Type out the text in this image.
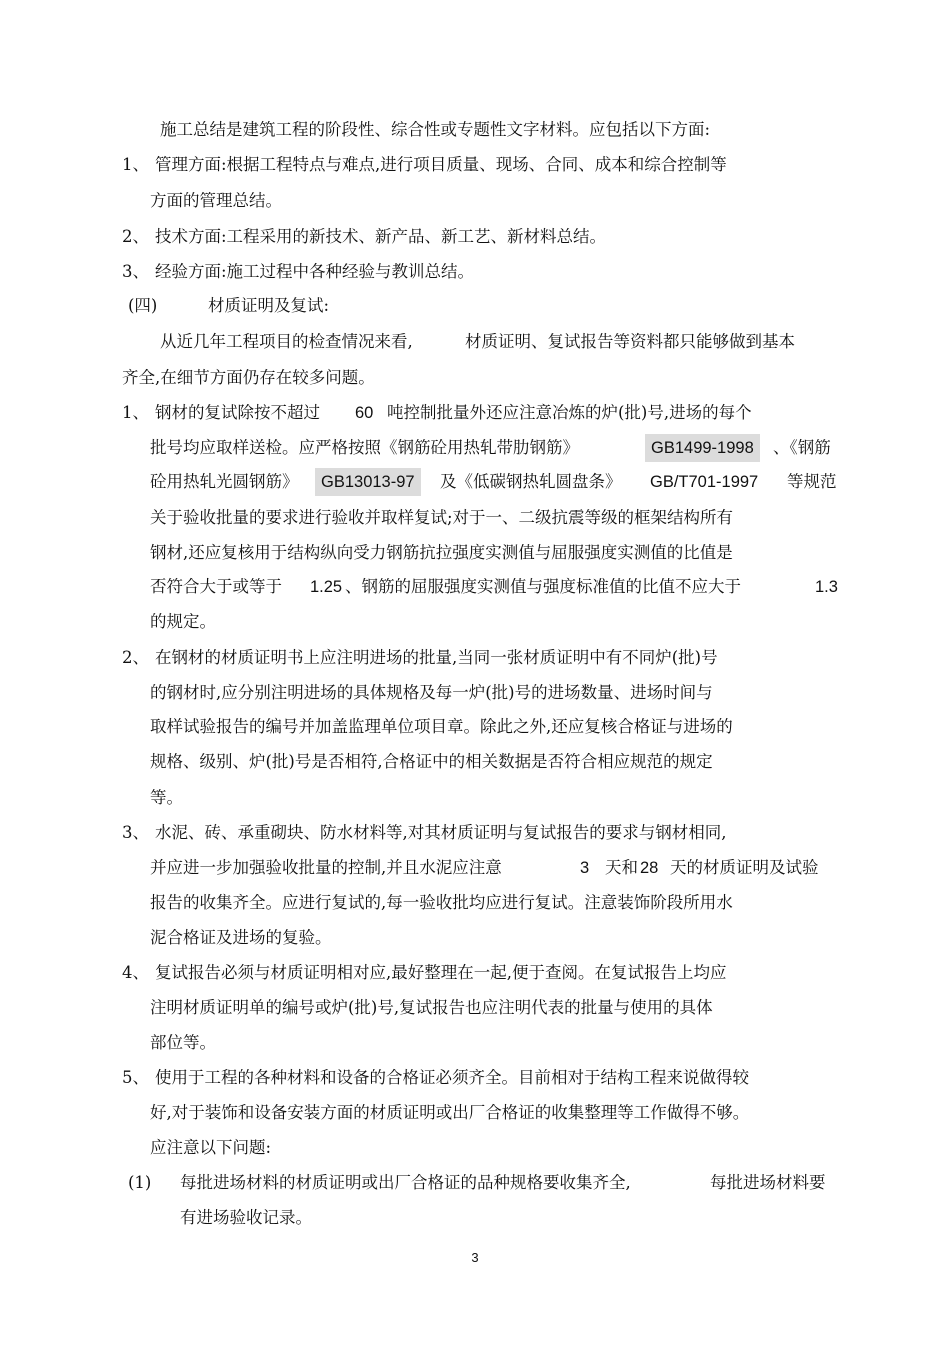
施工总结是建筑工程的阶段性、综合性或专题性文字材料。应包括以下方面:
1、 管理方面:根据工程特点与难点,进行项目质量、现场、合同、成本和综合控制等
方面的管理总结。
2、 技术方面:工程采用的新技术、新产品、新工艺、新材料总结。
3、 经验方面:施工过程中各种经验与教训总结。
(四)	材质证明及复试:
从近几年工程项目的检查情况来看,	材质证明、复试报告等资料都只能够做到基本
齐全,在细节方面仍存在较多问题。
1、 钢材的复试除按不超过 60 吨控制批量外还应注意冶炼的炉(批)号,进场的每个
批号均应取样送检。应严格按照《钢筋砼用热轧带肋钢筋》	GB1499-1998	、《钢筋
砼用热轧光圆钢筋》	GB13013-97	及《低碳钢热轧圆盘条》 GB/T701-1997 等规范
关于验收批量的要求进行验收并取样复试;对于一、二级抗震等级的框架结构所有
钢材,还应复核用于结构纵向受力钢筋抗拉强度实测值与屈服强度实测值的比值是
否符合大于或等于 1.25 、钢筋的屈服强度实测值与强度标准值的比值不应大于	1.3
的规定。
2、 在钢材的材质证明书上应注明进场的批量,当同一张材质证明中有不同炉(批)号
的钢材时,应分别注明进场的具体规格及每一炉(批)号的进场数量、进场时间与
取样试验报告的编号并加盖监理单位项目章。除此之外,还应复核合格证与进场的
规格、级别、炉(批)号是否相符,合格证中的相关数据是否符合相应规范的规定
等。
3、 水泥、砖、承重砌块、防水材料等,对其材质证明与复试报告的要求与钢材相同,
并应进一步加强验收批量的控制,并且水泥应注意	3 天和 28 天的材质证明及试验
报告的收集齐全。应进行复试的,每一验收批均应进行复试。注意装饰阶段所用水
泥合格证及进场的复验。
4、 复试报告必须与材质证明相对应,最好整理在一起,便于查阅。在复试报告上均应
注明材质证明单的编号或炉(批)号,复试报告也应注明代表的批量与使用的具体
部位等。
5、 使用于工程的各种材料和设备的合格证必须齐全。目前相对于结构工程来说做得较
好,对于装饰和设备安装方面的材质证明或出厂合格证的收集整理等工作做得不够。
应注意以下问题:
(1) 每批进场材料的材质证明或出厂合格证的品种规格要收集齐全,	每批进场材料要
有进场验收记录。
3
